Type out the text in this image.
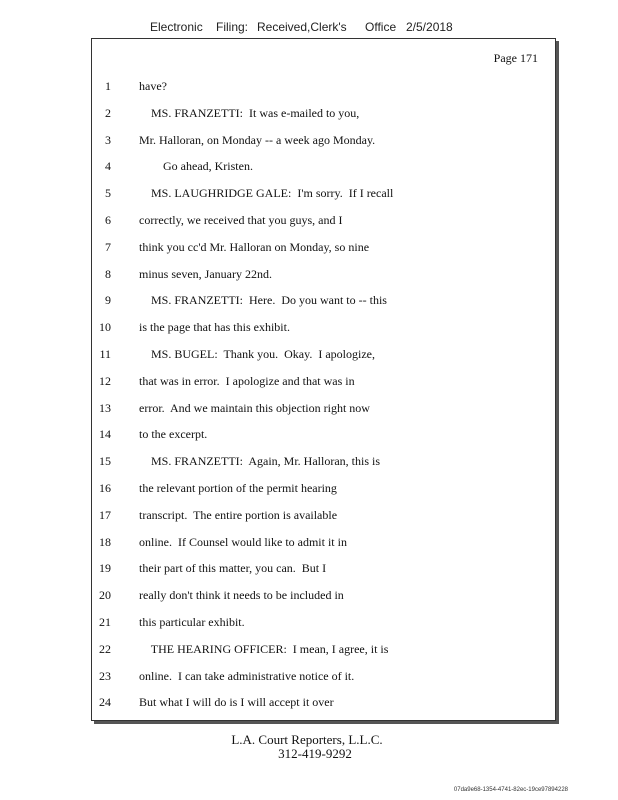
Electronic Filing: Received,Clerk's Office 2/5/2018
Page 171
1 have?
2 MS. FRANZETTI:  It was e-mailed to you,
3 Mr. Halloran, on Monday -- a week ago Monday.
4 Go ahead, Kristen.
5 MS. LAUGHRIDGE GALE:  I'm sorry.  If I recall
6 correctly, we received that you guys, and I
7 think you cc'd Mr. Halloran on Monday, so nine
8 minus seven, January 22nd.
9 MS. FRANZETTI:  Here.  Do you want to -- this
10 is the page that has this exhibit.
11 MS. BUGEL:  Thank you.  Okay.  I apologize,
12 that was in error.  I apologize and that was in
13 error.  And we maintain this objection right now
14 to the excerpt.
15 MS. FRANZETTI:  Again, Mr. Halloran, this is
16 the relevant portion of the permit hearing
17 transcript.  The entire portion is available
18 online.  If Counsel would like to admit it in
19 their part of this matter, you can.  But I
20 really don't think it needs to be included in
21 this particular exhibit.
22 THE HEARING OFFICER:  I mean, I agree, it is
23 online.  I can take administrative notice of it.
24 But what I will do is I will accept it over
L.A. Court Reporters, L.L.C.
312-419-9292
07da9e68-1354-4741-82ec-19ce97894228
